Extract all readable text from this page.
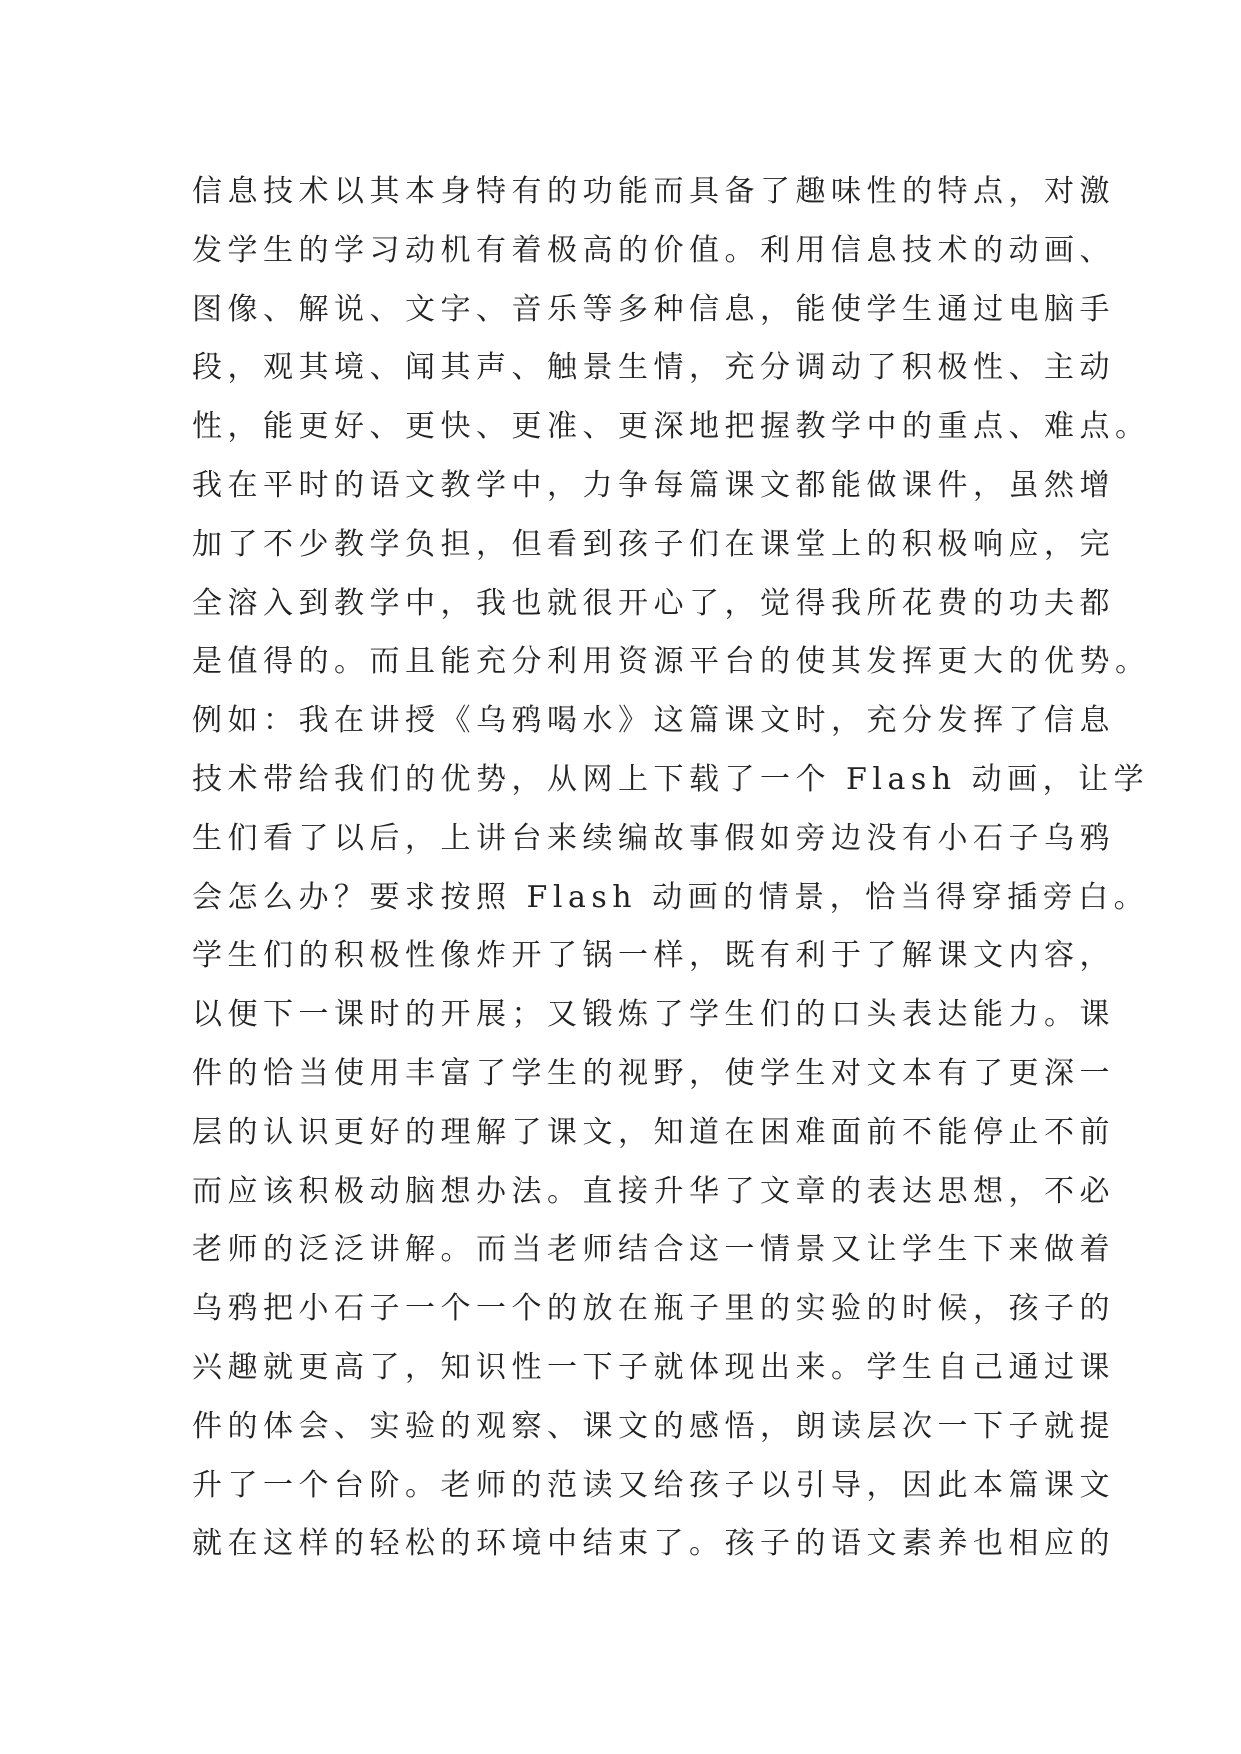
信息技术以其本身特有的功能而具备了趣味性的特点，对激
发学生的学习动机有着极高的价值。利用信息技术的动画、
图像、解说、文字、音乐等多种信息，能使学生通过电脑手
段，观其境、闻其声、触景生情，充分调动了积极性、主动
性，能更好、更快、更准、更深地把握教学中的重点、难点。
我在平时的语文教学中，力争每篇课文都能做课件，虽然增
加了不少教学负担，但看到孩子们在课堂上的积极响应，完
全溶入到教学中，我也就很开心了，觉得我所花费的功夫都
是值得的。而且能充分利用资源平台的使其发挥更大的优势。
例如：我在讲授《乌鸦喝水》这篇课文时，充分发挥了信息
技术带给我们的优势，从网上下载了一个 Flash 动画，让学
生们看了以后，上讲台来续编故事假如旁边没有小石子乌鸦
会怎么办？要求按照 Flash 动画的情景，恰当得穿插旁白。
学生们的积极性像炸开了锅一样，既有利于了解课文内容，
以便下一课时的开展；又锻炼了学生们的口头表达能力。课
件的恰当使用丰富了学生的视野，使学生对文本有了更深一
层的认识更好的理解了课文，知道在困难面前不能停止不前
而应该积极动脑想办法。直接升华了文章的表达思想，不必
老师的泛泛讲解。而当老师结合这一情景又让学生下来做着
乌鸦把小石子一个一个的放在瓶子里的实验的时候，孩子的
兴趣就更高了，知识性一下子就体现出来。学生自己通过课
件的体会、实验的观察、课文的感悟，朗读层次一下子就提
升了一个台阶。老师的范读又给孩子以引导，因此本篇课文
就在这样的轻松的环境中结束了。孩子的语文素养也相应的
